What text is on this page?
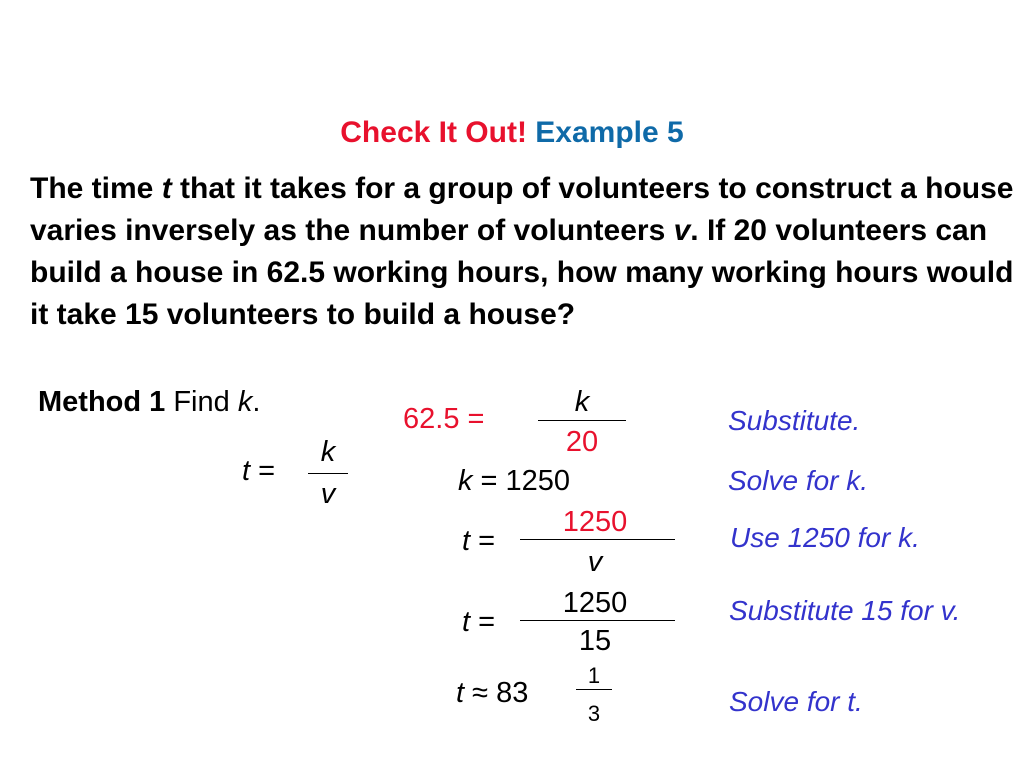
Check It Out! Example 5
The time t that it takes for a group of volunteers to construct a house varies inversely as the number of volunteers v. If 20 volunteers can build a house in 62.5 working hours, how many working hours would it take 15 volunteers to build a house?
Method 1 Find k.
t =
k
v
62.5 =
k
20
Substitute.
k = 1250	Solve for k.
t =
1250
v
Use 1250 for k.
t =
1250
15
Substitute 15 for v.
t ≈ 83
1
3	Solve for t.
